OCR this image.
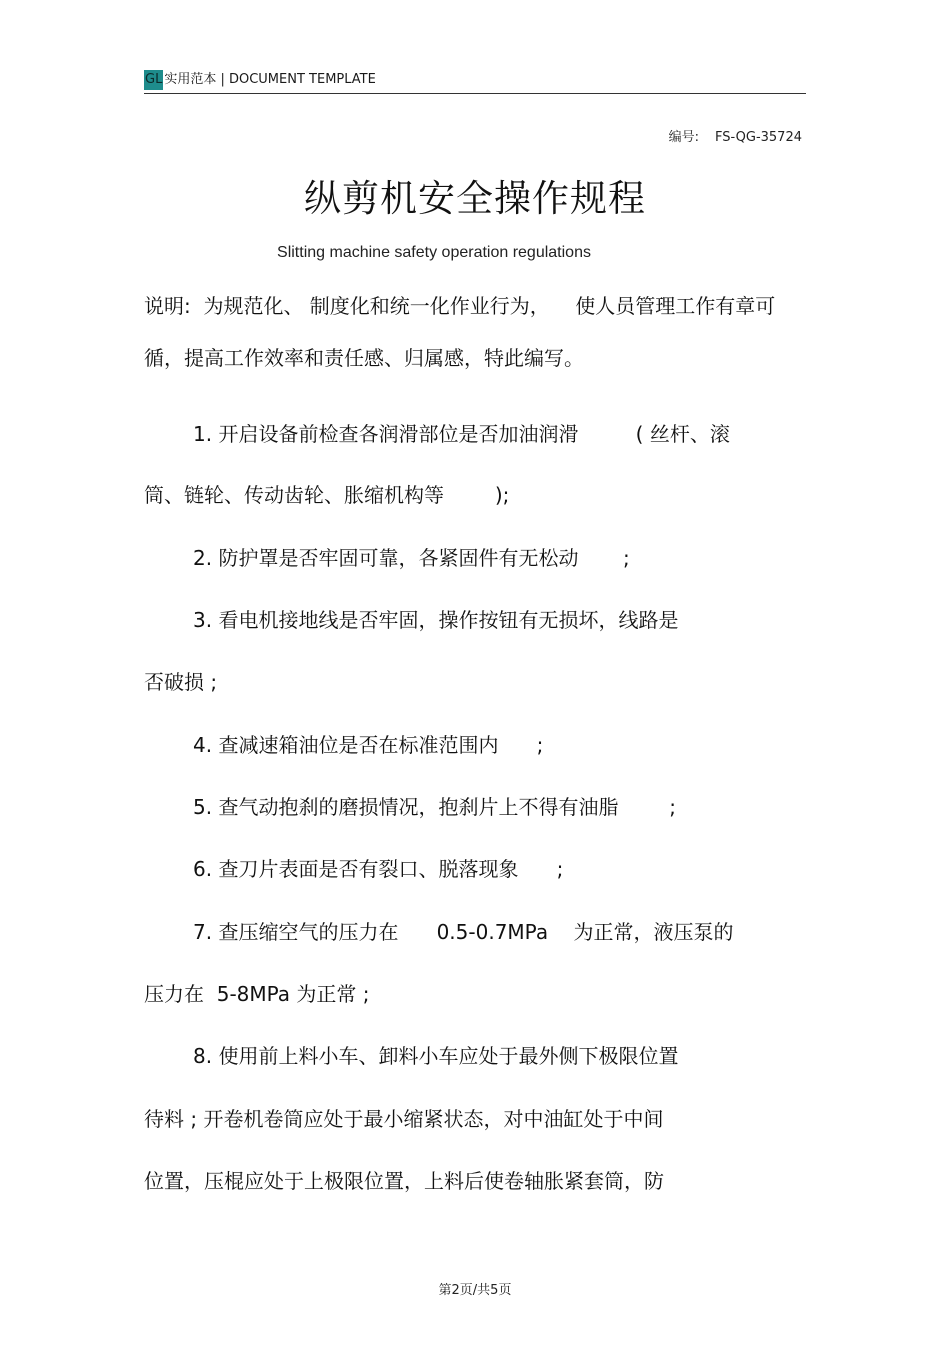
GL 实用范本 | DOCUMENT TEMPLATE
编号: FS-QG-35724
纵剪机安全操作规程
Slitting machine safety operation regulations
说明:  为规范化、 制度化和统一化作业行为，    使人员管理工作有章可
循，提高工作效率和责任感、归属感，特此编写。
1. 开启设备前检查各润滑部位是否加油润滑         ( 丝杆、滚
筒、链轮、传动齿轮、胀缩机构等        );
2. 防护罩是否牢固可靠，各紧固件有无松动       ;
3. 看电机接地线是否牢固，操作按钮有无损坏，线路是
否破损 ;
4. 查减速箱油位是否在标准范围内      ;
5. 查气动抱刹的磨损情况，抱刹片上不得有油脂        ;
6. 查刀片表面是否有裂口、脱落现象      ;
7. 查压缩空气的压力在      0.5-0.7MPa    为正常，液压泵的
压力在  5-8MPa 为正常 ;
8. 使用前上料小车、卸料小车应处于最外侧下极限位置
待料 ; 开卷机卷筒应处于最小缩紧状态，对中油缸处于中间
位置，压棍应处于上极限位置，上料后使卷轴胀紧套筒，防
第2页/共5页
